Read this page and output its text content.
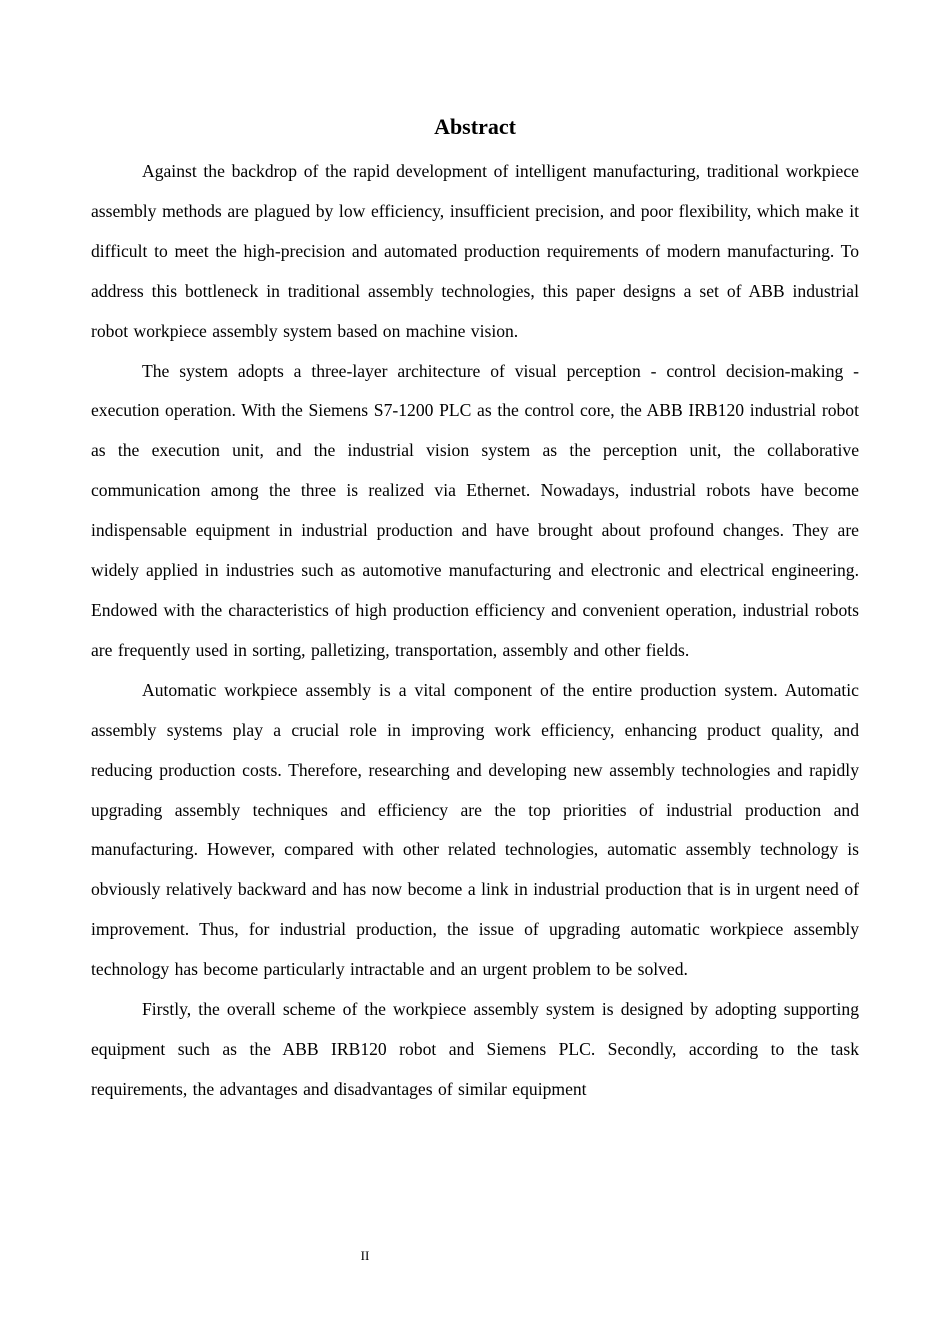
Abstract

Against the backdrop of the rapid development of intelligent manufacturing, traditional workpiece assembly methods are plagued by low efficiency, insufficient precision, and poor flexibility, which make it difficult to meet the high-precision and automated production requirements of modern manufacturing. To address this bottleneck in traditional assembly technologies, this paper designs a set of ABB industrial robot workpiece assembly system based on machine vision.

The system adopts a three-layer architecture of visual perception - control decision-making - execution operation. With the Siemens S7-1200 PLC as the control core, the ABB IRB120 industrial robot as the execution unit, and the industrial vision system as the perception unit, the collaborative communication among the three is realized via Ethernet. Nowadays, industrial robots have become indispensable equipment in industrial production and have brought about profound changes. They are widely applied in industries such as automotive manufacturing and electronic and electrical engineering. Endowed with the characteristics of high production efficiency and convenient operation, industrial robots are frequently used in sorting, palletizing, transportation, assembly and other fields.

Automatic workpiece assembly is a vital component of the entire production system. Automatic assembly systems play a crucial role in improving work efficiency, enhancing product quality, and reducing production costs. Therefore, researching and developing new assembly technologies and rapidly upgrading assembly techniques and efficiency are the top priorities of industrial production and manufacturing. However, compared with other related technologies, automatic assembly technology is obviously relatively backward and has now become a link in industrial production that is in urgent need of improvement. Thus, for industrial production, the issue of upgrading automatic workpiece assembly technology has become particularly intractable and an urgent problem to be solved.

Firstly, the overall scheme of the workpiece assembly system is designed by adopting supporting equipment such as the ABB IRB120 robot and Siemens PLC. Secondly, according to the task requirements, the advantages and disadvantages of similar equipment

II
